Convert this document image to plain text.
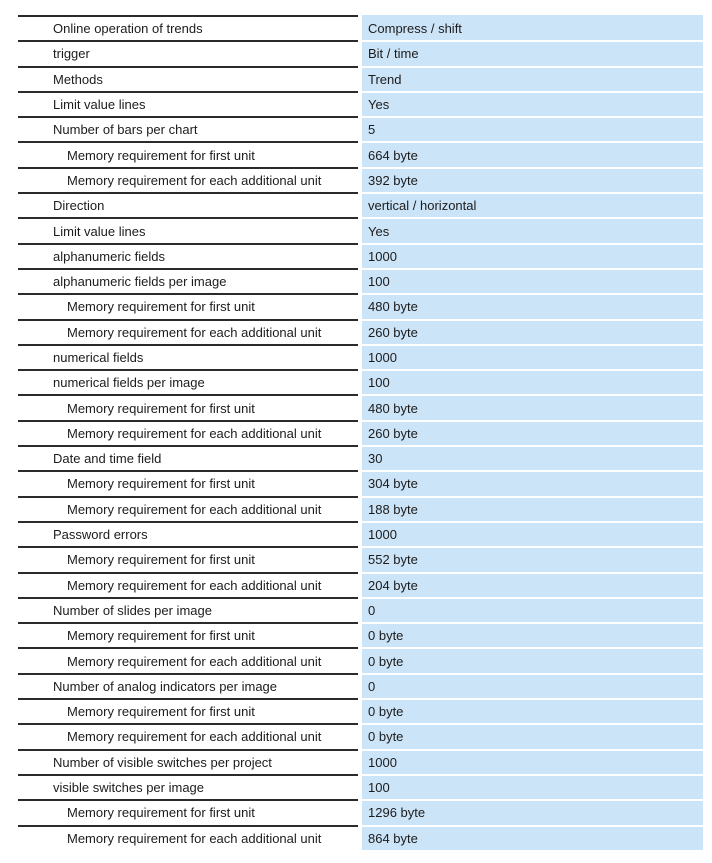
Online operation of trends	Compress / shift
trigger	Bit / time
Methods	Trend
Limit value lines	Yes
Number of bars per chart	5
Memory requirement for first unit	664 byte
Memory requirement for each additional unit	392 byte
Direction	vertical / horizontal
Limit value lines	Yes
alphanumeric fields	1000
alphanumeric fields per image	100
Memory requirement for first unit	480 byte
Memory requirement for each additional unit	260 byte
numerical fields	1000
numerical fields per image	100
Memory requirement for first unit	480 byte
Memory requirement for each additional unit	260 byte
Date and time field	30
Memory requirement for first unit	304 byte
Memory requirement for each additional unit	188 byte
Password errors	1000
Memory requirement for first unit	552 byte
Memory requirement for each additional unit	204 byte
Number of slides per image	0
Memory requirement for first unit	0 byte
Memory requirement for each additional unit	0 byte
Number of analog indicators per image	0
Memory requirement for first unit	0 byte
Memory requirement for each additional unit	0 byte
Number of visible switches per project	1000
visible switches per image	100
Memory requirement for first unit	1296 byte
Memory requirement for each additional unit	864 byte
